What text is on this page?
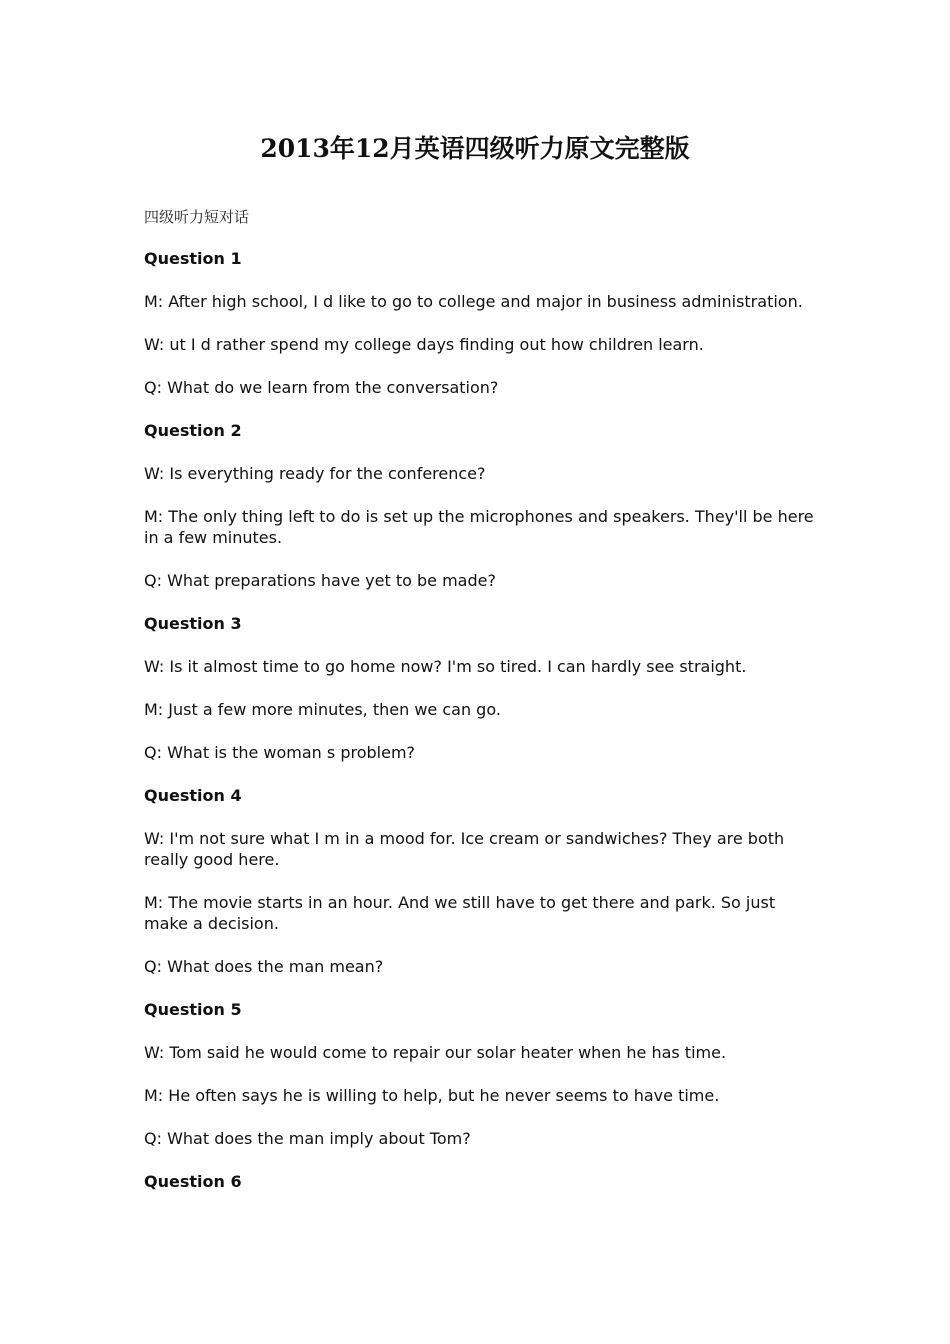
2013年12月英语四级听力原文完整版

四级听力短对话

Question 1

M: After high school, I d like to go to college and major in business administration.

W: ut I d rather spend my college days finding out how children learn.

Q: What do we learn from the conversation?

Question 2

W: Is everything ready for the conference?

M: The only thing left to do is set up the microphones and speakers. They'll be here in a few minutes.

Q: What preparations have yet to be made?

Question 3

W: Is it almost time to go home now? I'm so tired. I can hardly see straight.

M: Just a few more minutes, then we can go.

Q: What is the woman s problem?

Question 4

W: I'm not sure what I m in a mood for. Ice cream or sandwiches? They are both really good here.

M: The movie starts in an hour. And we still have to get there and park. So just make a decision.

Q: What does the man mean?

Question 5

W: Tom said he would come to repair our solar heater when he has time.

M: He often says he is willing to help, but he never seems to have time.

Q: What does the man imply about Tom?

Question 6
